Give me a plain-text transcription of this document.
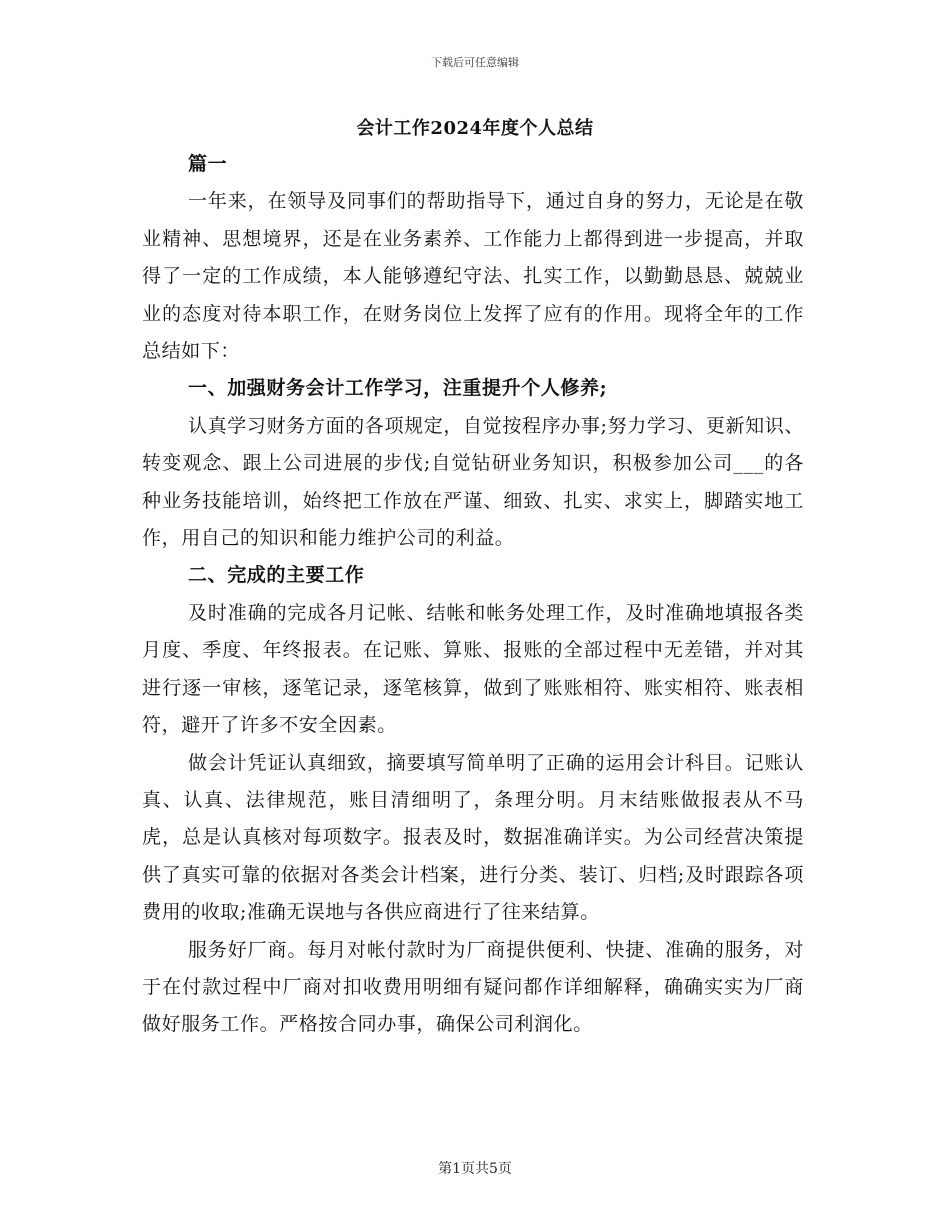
下载后可任意编辑
会计工作2024年度个人总结

篇一

一年来，在领导及同事们的帮助指导下，通过自身的努力，无论是在敬业精神、思想境界，还是在业务素养、工作能力上都得到进一步提高，并取得了一定的工作成绩，本人能够遵纪守法、扎实工作，以勤勤恳恳、兢兢业业的态度对待本职工作，在财务岗位上发挥了应有的作用。现将全年的工作总结如下：

一、加强财务会计工作学习，注重提升个人修养;

认真学习财务方面的各项规定，自觉按程序办事;努力学习、更新知识、转变观念、跟上公司进展的步伐;自觉钻研业务知识，积极参加公司___的各种业务技能培训，始终把工作放在严谨、细致、扎实、求实上，脚踏实地工作，用自己的知识和能力维护公司的利益。

二、完成的主要工作

及时准确的完成各月记帐、结帐和帐务处理工作，及时准确地填报各类月度、季度、年终报表。在记账、算账、报账的全部过程中无差错，并对其进行逐一审核，逐笔记录，逐笔核算，做到了账账相符、账实相符、账表相符，避开了许多不安全因素。

做会计凭证认真细致，摘要填写简单明了正确的运用会计科目。记账认真、认真、法律规范，账目清细明了，条理分明。月末结账做报表从不马虎，总是认真核对每项数字。报表及时，数据准确详实。为公司经营决策提供了真实可靠的依据对各类会计档案，进行分类、装订、归档;及时跟踪各项费用的收取;准确无误地与各供应商进行了往来结算。

服务好厂商。每月对帐付款时为厂商提供便利、快捷、准确的服务，对于在付款过程中厂商对扣收费用明细有疑问都作详细解释，确确实实为厂商做好服务工作。严格按合同办事，确保公司利润化。

第1页共5页
